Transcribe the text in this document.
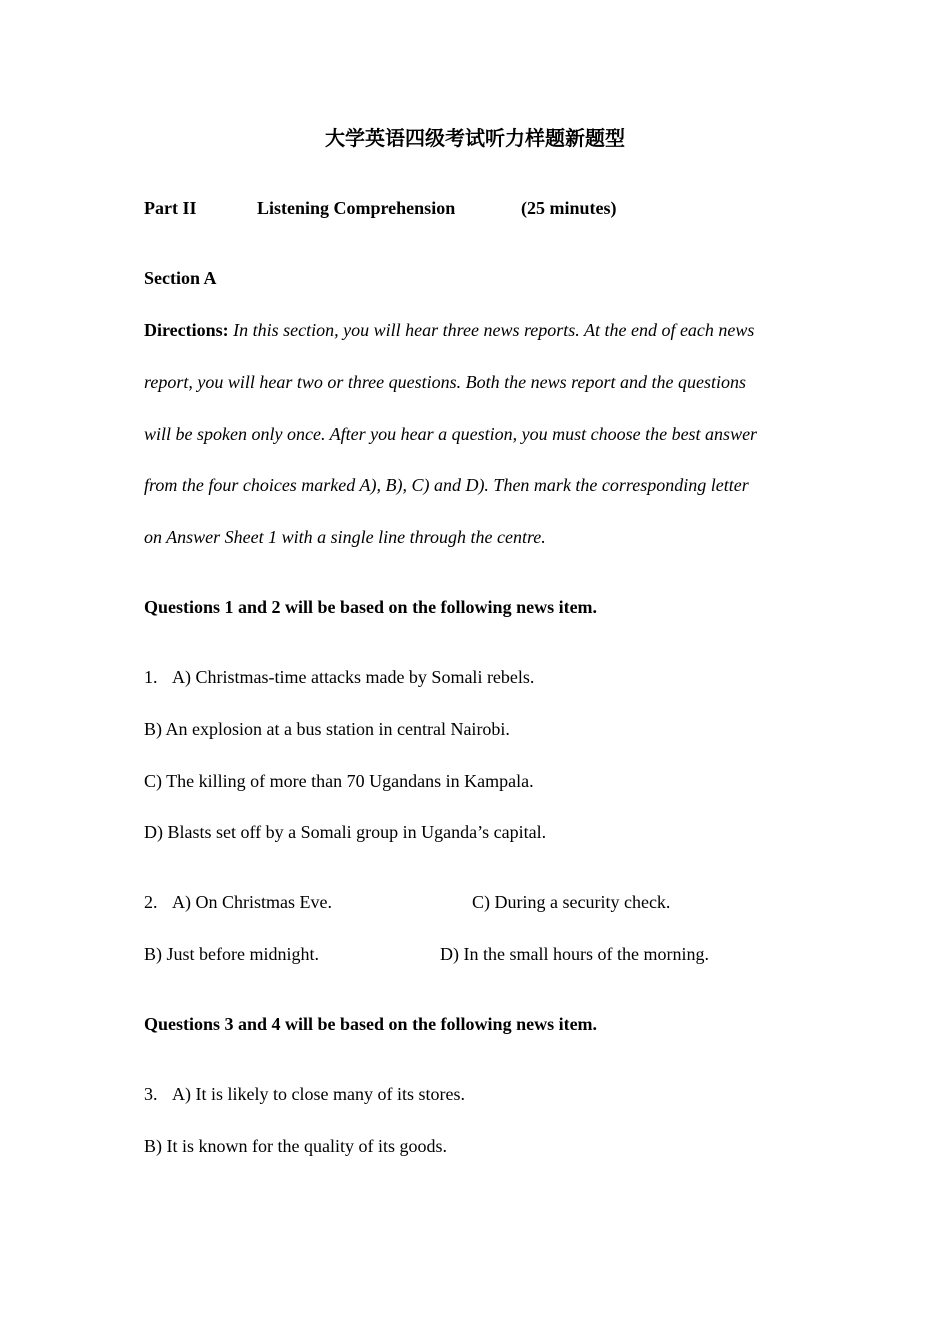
大学英语四级考试听力样题新题型
Part II	Listening Comprehension	(25 minutes)
Section A
Directions: In this section, you will hear three news reports. At the end of each news
report, you will hear two or three questions. Both the news report and the questions
will be spoken only once. After you hear a question, you must choose the best answer
from the four choices marked A), B), C) and D). Then mark the corresponding letter
on Answer Sheet 1 with a single line through the centre.
Questions 1 and 2 will be based on the following news item.
1. A) Christmas-time attacks made by Somali rebels.
B) An explosion at a bus station in central Nairobi.
C) The killing of more than 70 Ugandans in Kampala.
D) Blasts set off by a Somali group in Uganda’s capital.
2. A) On Christmas Eve.	C) During a security check.
B) Just before midnight.	D) In the small hours of the morning.
Questions 3 and 4 will be based on the following news item.
3. A) It is likely to close many of its stores.
B) It is known for the quality of its goods.
